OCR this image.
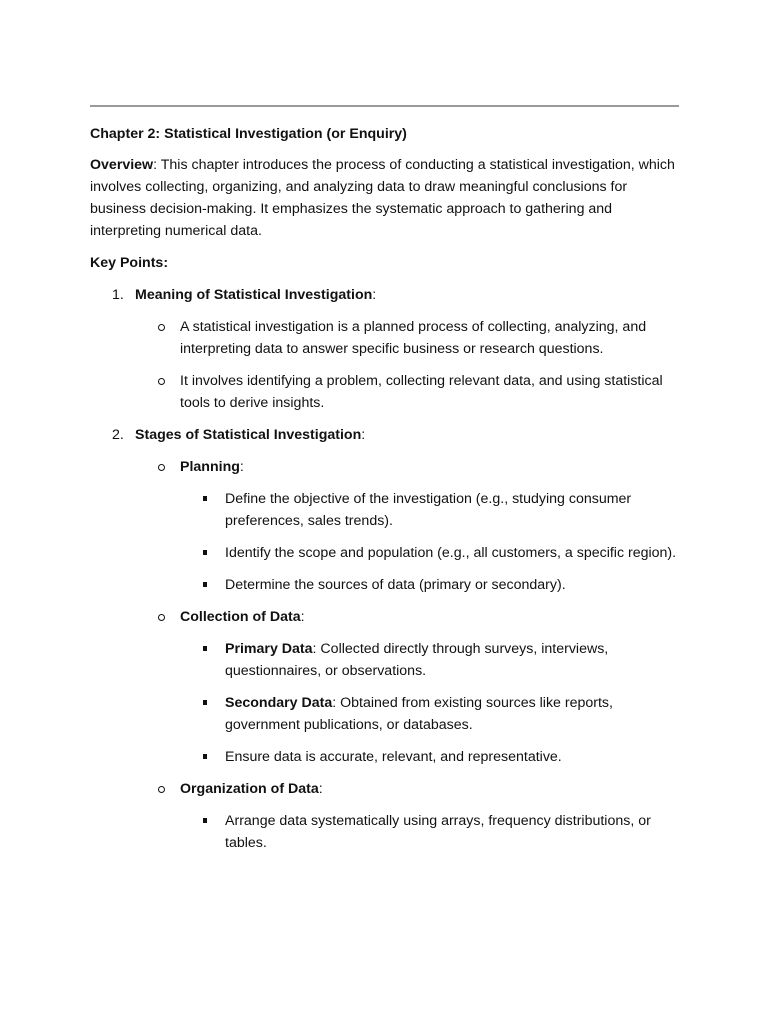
Chapter 2: Statistical Investigation (or Enquiry)

Overview: This chapter introduces the process of conducting a statistical investigation, which involves collecting, organizing, and analyzing data to draw meaningful conclusions for business decision-making. It emphasizes the systematic approach to gathering and interpreting numerical data.

Key Points:

1. Meaning of Statistical Investigation:
A statistical investigation is a planned process of collecting, analyzing, and interpreting data to answer specific business or research questions.
It involves identifying a problem, collecting relevant data, and using statistical tools to derive insights.
2. Stages of Statistical Investigation:
Planning:
Define the objective of the investigation (e.g., studying consumer preferences, sales trends).
Identify the scope and population (e.g., all customers, a specific region).
Determine the sources of data (primary or secondary).
Collection of Data:
Primary Data: Collected directly through surveys, interviews, questionnaires, or observations.
Secondary Data: Obtained from existing sources like reports, government publications, or databases.
Ensure data is accurate, relevant, and representative.
Organization of Data:
Arrange data systematically using arrays, frequency distributions, or tables.
